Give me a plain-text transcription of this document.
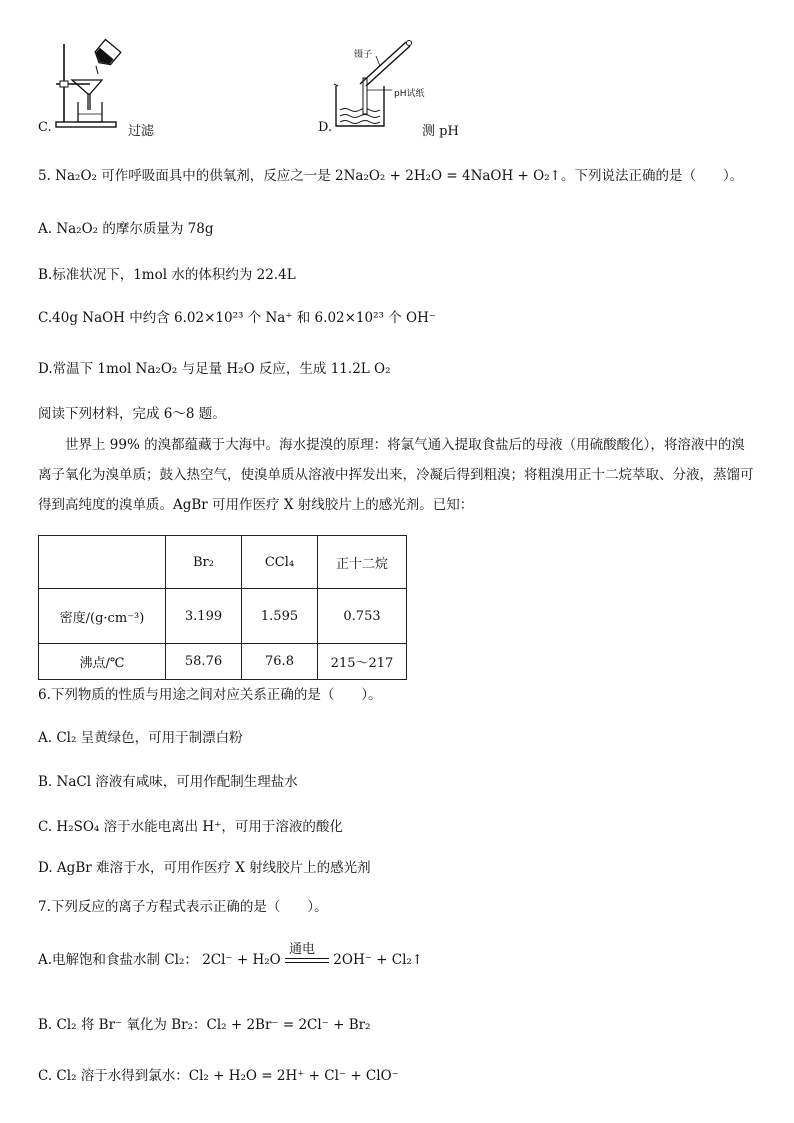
C.	过滤
镊子
pH试纸
D.	测 pH
5. Na₂O₂ 可作呼吸面具中的供氧剂，反应之一是 2Na₂O₂ + 2H₂O = 4NaOH + O₂↑。下列说法正确的是（　　）。
A. Na₂O₂ 的摩尔质量为 78g
B.标准状况下，1mol 水的体积约为 22.4L
C.40g NaOH 中约含 6.02×10²³ 个 Na⁺ 和 6.02×10²³ 个 OH⁻
D.常温下 1mol Na₂O₂ 与足量 H₂O 反应，生成 11.2L O₂
阅读下列材料，完成 6～8 题。
世界上 99% 的溴都蕴藏于大海中。海水提溴的原理：将氯气通入提取食盐后的母液（用硫酸酸化），将溶液中的溴离子氧化为溴单质；鼓入热空气，使溴单质从溶液中挥发出来，冷凝后得到粗溴；将粗溴用正十二烷萃取、分液，蒸馏可得到高纯度的溴单质。AgBr 可用作医疗 X 射线胶片上的感光剂。已知：
	Br₂	CCl₄	正十二烷
密度/(g·cm⁻³)	3.199	1.595	0.753
沸点/℃	58.76	76.8	215～217
6.下列物质的性质与用途之间对应关系正确的是（　　）。
A. Cl₂ 呈黄绿色，可用于制漂白粉
B. NaCl 溶液有咸味，可用作配制生理盐水
C. H₂SO₄ 溶于水能电离出 H⁺，可用于溶液的酸化
D. AgBr 难溶于水，可用作医疗 X 射线胶片上的感光剂
7.下列反应的离子方程式表示正确的是（　　）。
A.电解饱和食盐水制 Cl₂： 2Cl⁻ + H₂O
通电
2OH⁻ + Cl₂↑
B. Cl₂ 将 Br⁻ 氧化为 Br₂：Cl₂ + 2Br⁻ = 2Cl⁻ + Br₂
C. Cl₂ 溶于水得到氯水：Cl₂ + H₂O = 2H⁺ + Cl⁻ + ClO⁻
